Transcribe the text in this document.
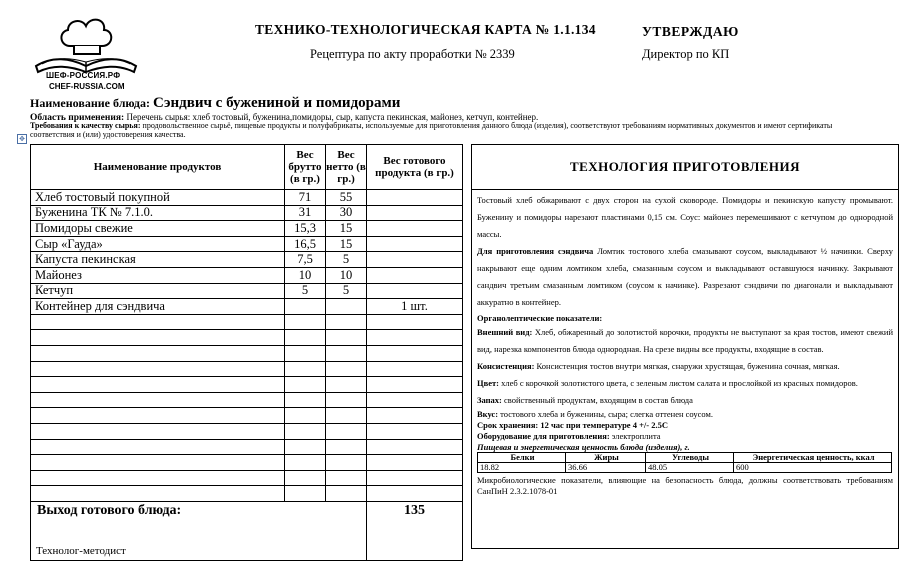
ШЕФ-РОССИЯ.РФ
CHEF-RUSSIA.COM
ТЕХНИКО-ТЕХНОЛОГИЧЕСКАЯ КАРТА № 1.1.134	УТВЕРЖДАЮ
Рецептура по акту проработки № 2339	Директор по КП
Наименование блюда: Сэндвич с бужениной и помидорами
Область применения: Перечень сырья: хлеб тостовый, буженина,помидоры, сыр, капуста пекинская, майонез, кетчуп, контейнер.
Требования к качеству сырья: продовольственное сырьё, пищевые продукты и полуфабрикаты, используемые для приготовления данного блюда (изделия), соответствуют требованиям нормативных документов и имеют сертификаты соответствия и (или) удостоверения качества.
✥
Наименование продуктов	Вес брутто (в гр.)	Вес нетто (в гр.)	Вес готового продукта (в гр.)
Хлеб тостовый покупной	71	55	
Буженина ТК № 7.1.0.	31	30	
Помидоры свежие	15,3	15	
Сыр «Гауда»	16,5	15	
Капуста пекинская	7,5	5	
Майонез	10	10	
Кетчуп	5	5	
Контейнер для сэндвича			1 шт.

Выход готового блюда:			135
ТЕХНОЛОГИЯ ПРИГОТОВЛЕНИЯ

Тостовый хлеб обжаривают с двух сторон на сухой сковороде. Помидоры и пекинскую капусту промывают. Буженину и помидоры нарезают пластинами 0,15 см. Соус: майонез перемешивают с кетчупом до однородной массы.

Для приготовления сэндвича Ломтик тостового хлеба смазывают соусом, выкладывают ½ начинки. Сверху накрывают еще одним ломтиком хлеба, смазанным соусом и выкладывают оставшуюся начинку. Закрывают сандвич третьим смазанным ломтиком (соусом к начинке). Разрезают сэндвичи по диагонали и выкладывают аккуратно в контейнер.

Органолептические показатели:

Внешний вид: Хлеб, обжаренный до золотистой корочки, продукты не выступают за края тостов, имеют свежий вид, нарезка компонентов блюда однородная. На срезе видны все продукты, входящие в состав.

Консистенция: Консистенция тостов внутри мягкая, снаружи хрустящая, буженина сочная, мягкая.

Цвет: хлеб с корочкой золотистого цвета, с зеленым листом салата и прослойкой из красных помидоров.

Запах: свойственный продуктам, входящим в состав блюда

Вкус: тостового хлеба и буженины, сыра; слегка оттенен соусом.

Срок хранения: 12 час при температуре 4 +/- 2.5С

Оборудование для приготовления: электроплита

Пищевая и энергетическая ценность блюда (изделия), г.
Белки	Жиры	Углеводы	Энергетическая ценность, ккал
18.82	36.66	48.05	600
Микробиологические показатели, влияющие на безопасность блюда, должны соответствовать требованиям СанПиН 2.3.2.1078-01
Технолог-методист
